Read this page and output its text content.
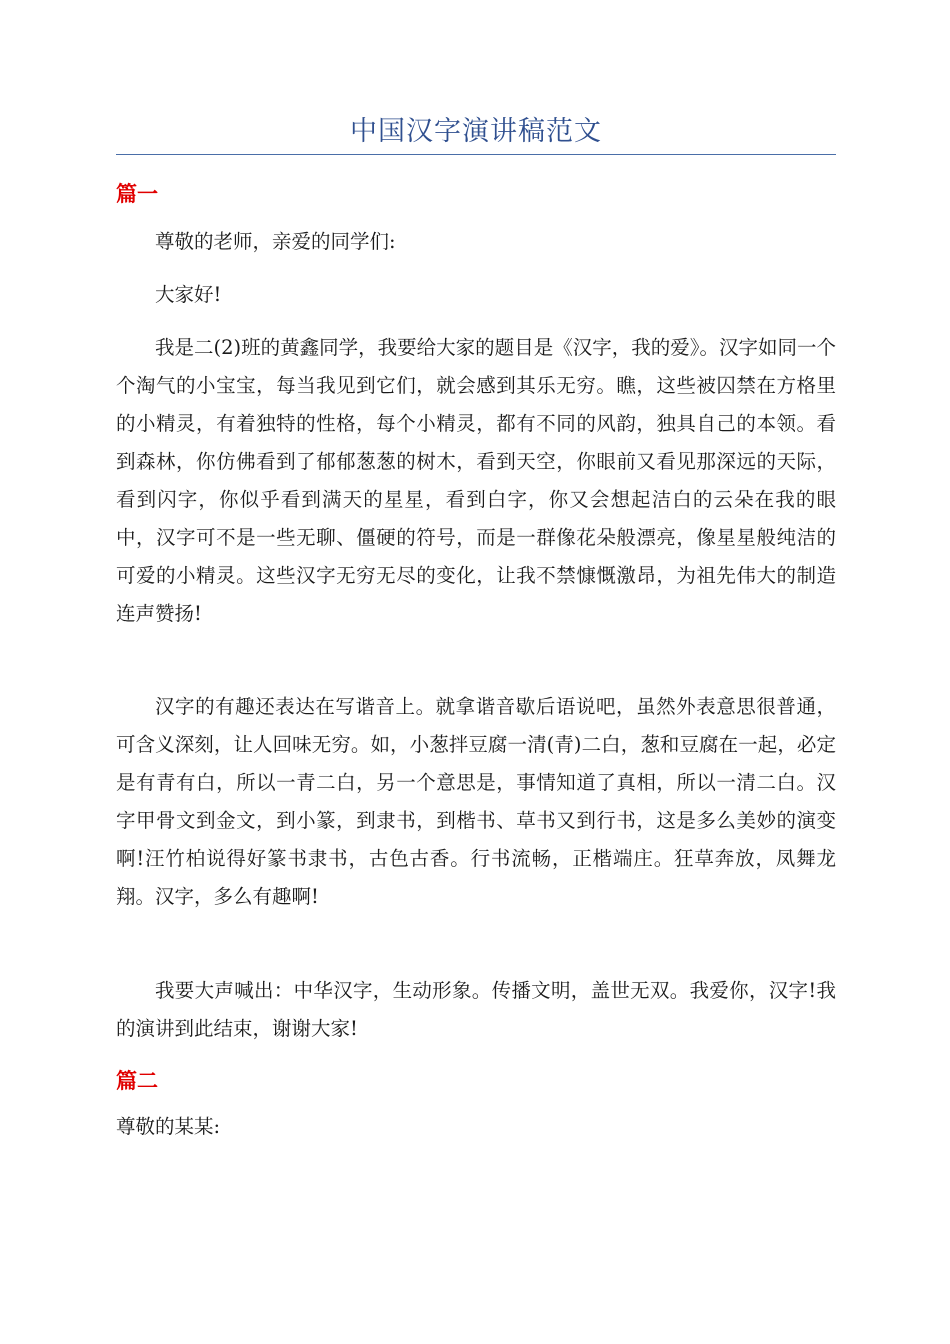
中国汉字演讲稿范文
篇一

尊敬的老师，亲爱的同学们:

大家好!

我是二(2)班的黄鑫同学，我要给大家的题目是《汉字，我的爱》。汉字如同一个个淘气的小宝宝，每当我见到它们，就会感到其乐无穷。瞧，这些被囚禁在方格里的小精灵，有着独特的性格，每个小精灵，都有不同的风韵，独具自己的本领。看到森林，你仿佛看到了郁郁葱葱的树木，看到天空，你眼前又看见那深远的天际，看到闪字，你似乎看到满天的星星，看到白字，你又会想起洁白的云朵在我的眼中，汉字可不是一些无聊、僵硬的符号，而是一群像花朵般漂亮，像星星般纯洁的可爱的小精灵。这些汉字无穷无尽的变化，让我不禁慷慨激昂，为祖先伟大的制造连声赞扬!

汉字的有趣还表达在写谐音上。就拿谐音歇后语说吧，虽然外表意思很普通，可含义深刻，让人回味无穷。如，小葱拌豆腐一清(青)二白，葱和豆腐在一起，必定是有青有白，所以一青二白，另一个意思是，事情知道了真相，所以一清二白。汉字甲骨文到金文，到小篆，到隶书，到楷书、草书又到行书，这是多么美妙的演变啊!汪竹柏说得好篆书隶书，古色古香。行书流畅，正楷端庄。狂草奔放，凤舞龙翔。汉字，多么有趣啊!

我要大声喊出：中华汉字，生动形象。传播文明，盖世无双。我爱你，汉字!我的演讲到此结束，谢谢大家!

篇二

尊敬的某某:
